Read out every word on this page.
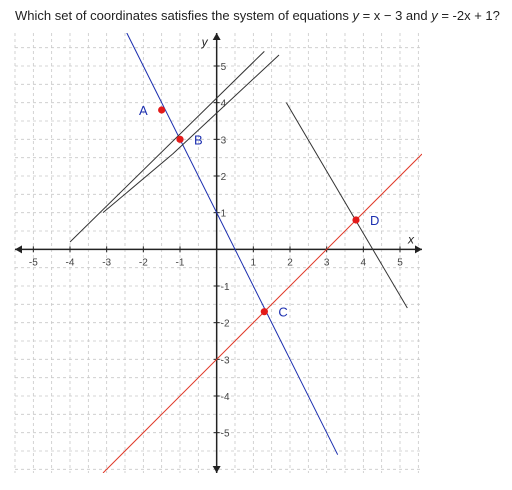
Which set of coordinates satisfies the system of equations y = x − 3 and y = -2x + 1?
-5	-4	-3	-2	-1	1	2	3	4	5
-5
-4
-3
-2
-1
1
2
3
4
5
x
y
A
B
C
D
